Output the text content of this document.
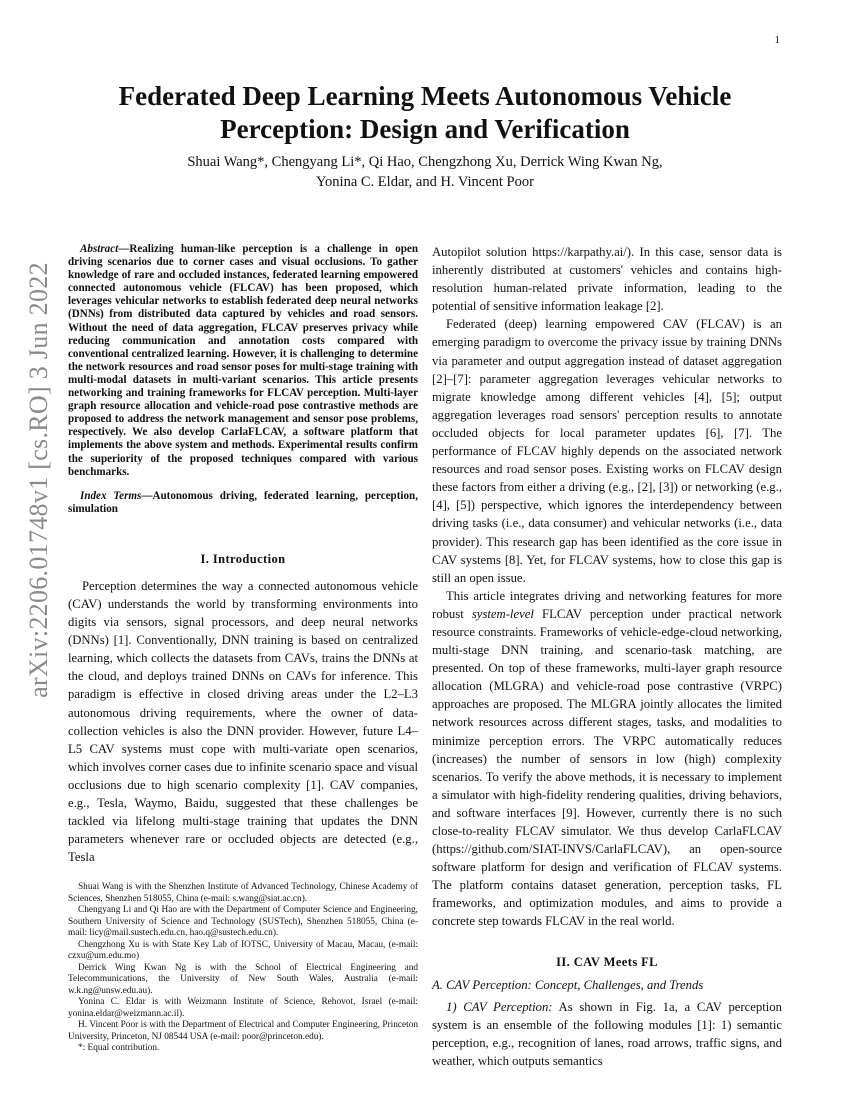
1
arXiv:2206.01748v1 [cs.RO] 3 Jun 2022
Federated Deep Learning Meets Autonomous Vehicle Perception: Design and Verification
Shuai Wang*, Chengyang Li*, Qi Hao, Chengzhong Xu, Derrick Wing Kwan Ng,
Yonina C. Eldar, and H. Vincent Poor

Abstract—Realizing human-like perception is a challenge in open driving scenarios due to corner cases and visual occlusions. To gather knowledge of rare and occluded instances, federated learning empowered connected autonomous vehicle (FLCAV) has been proposed, which leverages vehicular networks to establish federated deep neural networks (DNNs) from distributed data captured by vehicles and road sensors. Without the need of data aggregation, FLCAV preserves privacy while reducing communication and annotation costs compared with conventional centralized learning. However, it is challenging to determine the network resources and road sensor poses for multi-stage training with multi-modal datasets in multi-variant scenarios. This article presents networking and training frameworks for FLCAV perception. Multi-layer graph resource allocation and vehicle-road pose contrastive methods are proposed to address the network management and sensor pose problems, respectively. We also develop CarlaFLCAV, a software platform that implements the above system and methods. Experimental results confirm the superiority of the proposed techniques compared with various benchmarks.

Index Terms—Autonomous driving, federated learning, perception, simulation

I. Introduction

Perception determines the way a connected autonomous vehicle (CAV) understands the world by transforming environments into digits via sensors, signal processors, and deep neural networks (DNNs) [1]. Conventionally, DNN training is based on centralized learning, which collects the datasets from CAVs, trains the DNNs at the cloud, and deploys trained DNNs on CAVs for inference. This paradigm is effective in closed driving areas under the L2–L3 autonomous driving requirements, where the owner of data-collection vehicles is also the DNN provider. However, future L4–L5 CAV systems must cope with multi-variate open scenarios, which involves corner cases due to infinite scenario space and visual occlusions due to high scenario complexity [1]. CAV companies, e.g., Tesla, Waymo, Baidu, suggested that these challenges be tackled via lifelong multi-stage training that updates the DNN parameters whenever rare or occluded objects are detected (e.g., Tesla

Shuai Wang is with the Shenzhen Institute of Advanced Technology, Chinese Academy of Sciences, Shenzhen 518055, China (e-mail: s.wang@siat.ac.cn).

Chengyang Li and Qi Hao are with the Department of Computer Science and Engineering, Southern University of Science and Technology (SUSTech), Shenzhen 518055, China (e-mail: licy@mail.sustech.edu.cn, hao.q@sustech.edu.cn).

Chengzhong Xu is with State Key Lab of IOTSC, University of Macau, Macau, (e-mail: czxu@um.edu.mo)

Derrick Wing Kwan Ng is with the School of Electrical Engineering and Telecommunications, the University of New South Wales, Australia (e-mail: w.k.ng@unsw.edu.au).

Yonina C. Eldar is with Weizmann Institute of Science, Rehovot, Israel (e-mail: yonina.eldar@weizmann.ac.il).

H. Vincent Poor is with the Department of Electrical and Computer Engineering, Princeton University, Princeton, NJ 08544 USA (e-mail: poor@princeton.edu).

*: Equal contribution.

Autopilot solution https://karpathy.ai/). In this case, sensor data is inherently distributed at customers' vehicles and contains high-resolution human-related private information, leading to the potential of sensitive information leakage [2].

Federated (deep) learning empowered CAV (FLCAV) is an emerging paradigm to overcome the privacy issue by training DNNs via parameter and output aggregation instead of dataset aggregation [2]–[7]: parameter aggregation leverages vehicular networks to migrate knowledge among different vehicles [4], [5]; output aggregation leverages road sensors' perception results to annotate occluded objects for local parameter updates [6], [7]. The performance of FLCAV highly depends on the associated network resources and road sensor poses. Existing works on FLCAV design these factors from either a driving (e.g., [2], [3]) or networking (e.g., [4], [5]) perspective, which ignores the interdependency between driving tasks (i.e., data consumer) and vehicular networks (i.e., data provider). This research gap has been identified as the core issue in CAV systems [8]. Yet, for FLCAV systems, how to close this gap is still an open issue.

This article integrates driving and networking features for more robust system-level FLCAV perception under practical network resource constraints. Frameworks of vehicle-edge-cloud networking, multi-stage DNN training, and scenario-task matching, are presented. On top of these frameworks, multi-layer graph resource allocation (MLGRA) and vehicle-road pose contrastive (VRPC) approaches are proposed. The MLGRA jointly allocates the limited network resources across different stages, tasks, and modalities to minimize perception errors. The VRPC automatically reduces (increases) the number of sensors in low (high) complexity scenarios. To verify the above methods, it is necessary to implement a simulator with high-fidelity rendering qualities, driving behaviors, and software interfaces [9]. However, currently there is no such close-to-reality FLCAV simulator. We thus develop CarlaFLCAV (https://github.com/SIAT-INVS/CarlaFLCAV), an open-source software platform for design and verification of FLCAV systems. The platform contains dataset generation, perception tasks, FL frameworks, and optimization modules, and aims to provide a concrete step towards FLCAV in the real world.

II. CAV Meets FL

A. CAV Perception: Concept, Challenges, and Trends

1) CAV Perception: As shown in Fig. 1a, a CAV perception system is an ensemble of the following modules [1]: 1) semantic perception, e.g., recognition of lanes, road arrows, traffic signs, and weather, which outputs semantics
